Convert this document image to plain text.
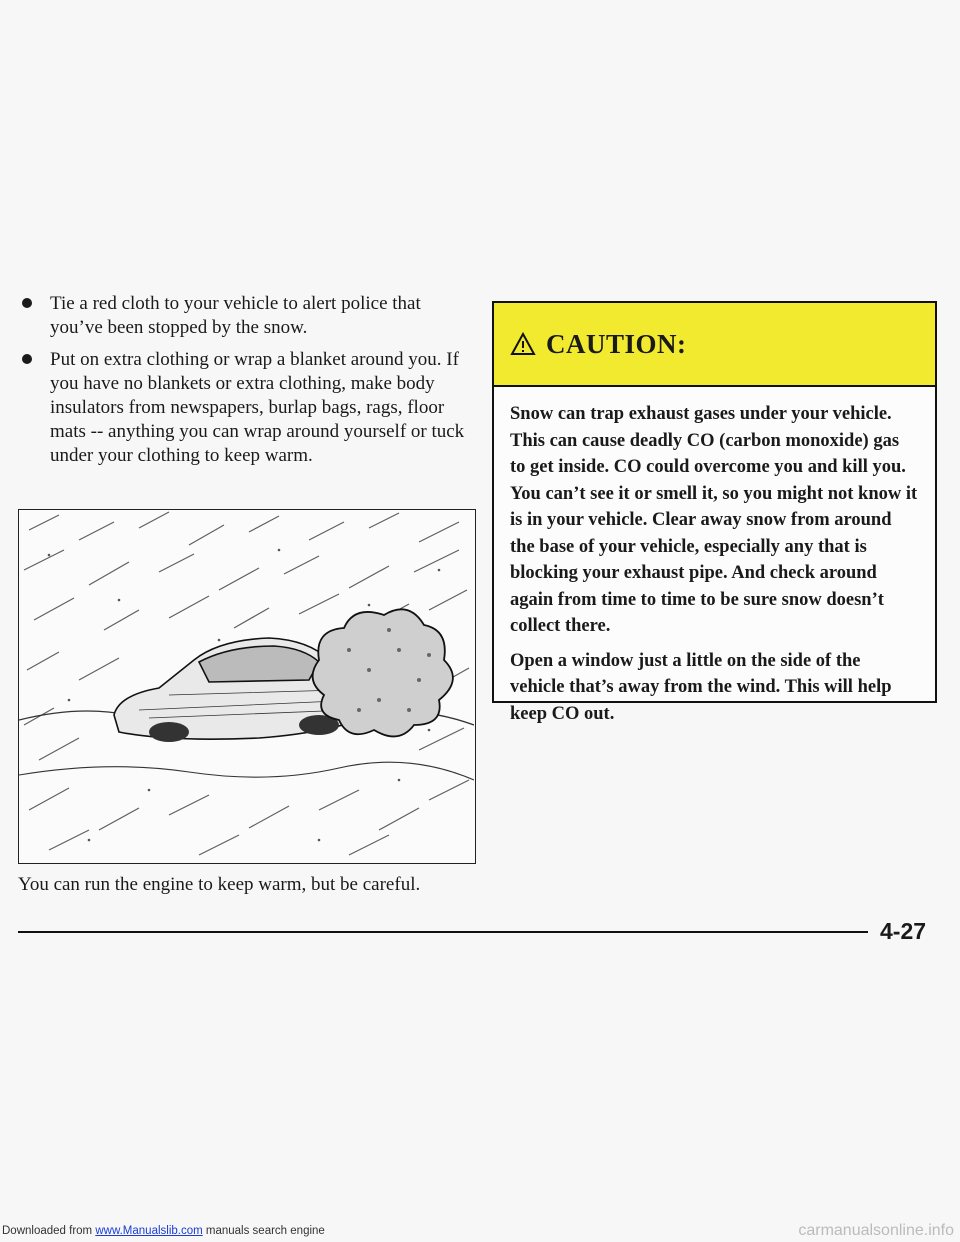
Tie a red cloth to your vehicle to alert police that you’ve been stopped by the snow.
Put on extra clothing or wrap a blanket around you. If you have no blankets or extra clothing, make body insulators from newspapers, burlap bags, rags, floor mats -- anything you can wrap around yourself or tuck under your clothing to keep warm.
You can run the engine to keep warm, but be careful.
CAUTION:

Snow can trap exhaust gases under your vehicle. This can cause deadly CO (carbon monoxide) gas to get inside. CO could overcome you and kill you. You can’t see it or smell it, so you might not know it is in your vehicle. Clear away snow from around the base of your vehicle, especially any that is blocking your exhaust pipe. And check around again from time to time to be sure snow doesn’t collect there.

Open a window just a little on the side of the vehicle that’s away from the wind. This will help keep CO out.

4-27
Downloaded from www.Manualslib.com manuals search engine	carmanualsonline.info
